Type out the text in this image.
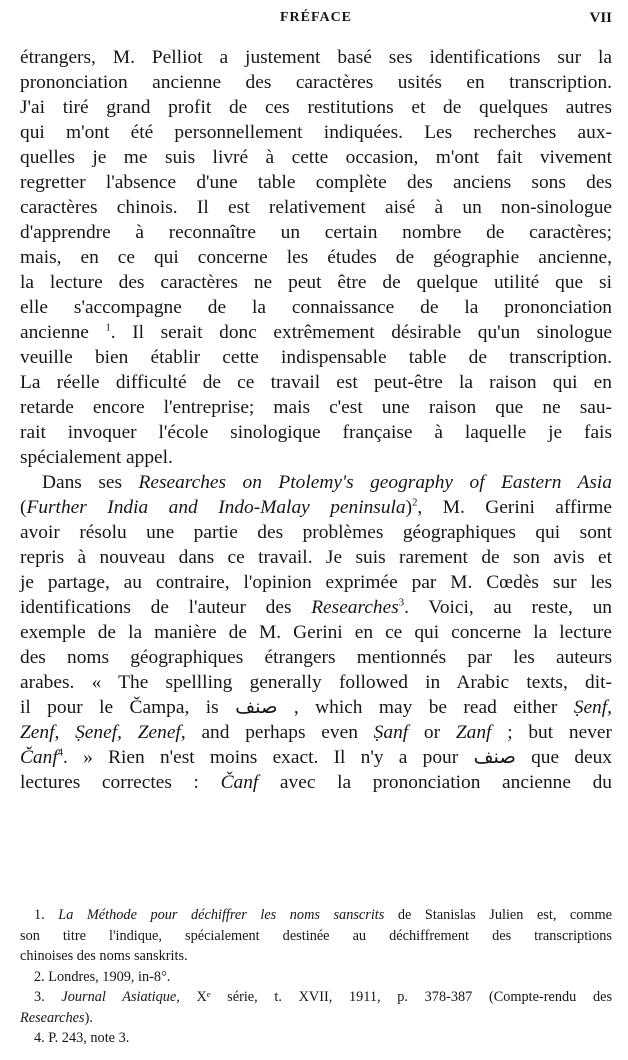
FRÉFACE	VII
étrangers, M. Pelliot a justement basé ses identifications sur la
prononciation ancienne des caractères usités en transcription.
J'ai tiré grand profit de ces restitutions et de quelques autres
qui m'ont été personnellement indiquées. Les recherches aux-
quelles je me suis livré à cette occasion, m'ont fait vivement
regretter l'absence d'une table complète des anciens sons des
caractères chinois. Il est relativement aisé à un non-sinologue
d'apprendre à reconnaître un certain nombre de caractères;
mais, en ce qui concerne les études de géographie ancienne,
la lecture des caractères ne peut être de quelque utilité que si
elle s'accompagne de la connaissance de la prononciation
ancienne $^1$. Il serait donc extrêmement désirable qu'un sinologue
veuille bien établir cette indispensable table de transcription.
La réelle difficulté de ce travail est peut-être la raison qui en
retarde encore l'entreprise; mais c'est une raison que ne sau-
rait invoquer l'école sinologique française à laquelle je fais
spécialement appel.
Dans ses Researches on Ptolemy's geography of Eastern Asia
(Further India and Indo-Malay peninsula)$^2$, M. Gerini affirme
avoir résolu une partie des problèmes géographiques qui sont
repris à nouveau dans ce travail. Je suis rarement de son avis et
je partage, au contraire, l'opinion exprimée par M. Cœdès sur les
identifications de l'auteur des Researches$^3$. Voici, au reste, un
exemple de la manière de M. Gerini en ce qui concerne la lecture
des noms géographiques étrangers mentionnés par les auteurs
arabes. « The spellling generally followed in Arabic texts, dit-
il pour le Čampa, is صنف , which may be read either Ṣenf,
Zenf, Ṣenef, Zenef, and perhaps even Ṣanf or Zanf ; but never
Čanf$^4$. » Rien n'est moins exact. Il n'y a pour صنف que deux
lectures correctes : Čanf avec la prononciation ancienne du
1. La Méthode pour déchiffrer les noms sanscrits de Stanislas Julien est, comme
son titre l'indique, spécialement destinée au déchiffrement des transcriptions
chinoises des noms sanskrits.
2. Londres, 1909, in-8°.
3. Journal Asiatique, Xᵉ série, t. XVII, 1911, p. 378-387 (Compte-rendu des
Researches).
4. P. 243, note 3.
